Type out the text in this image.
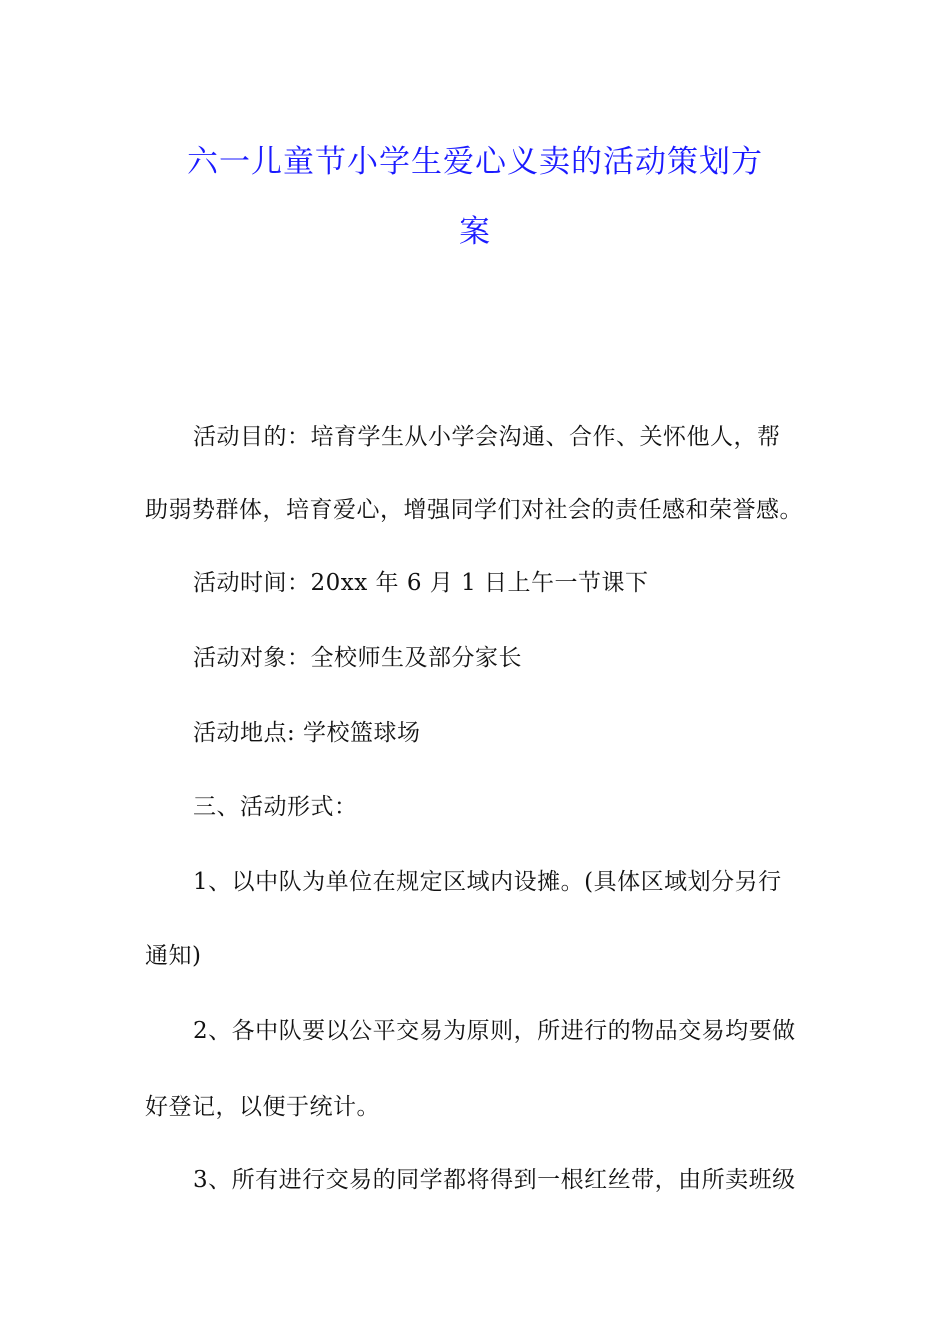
六一儿童节小学生爱心义卖的活动策划方
案
活动目的：培育学生从小学会沟通、合作、关怀他人，帮
助弱势群体，培育爱心，增强同学们对社会的责任感和荣誉感。
活动时间：20xx 年 6 月 1 日上午一节课下
活动对象：全校师生及部分家长
活动地点: 学校篮球场
三、活动形式：
1、以中队为单位在规定区域内设摊。(具体区域划分另行
通知)
2、各中队要以公平交易为原则，所进行的物品交易均要做
好登记，以便于统计。
3、所有进行交易的同学都将得到一根红丝带，由所卖班级
